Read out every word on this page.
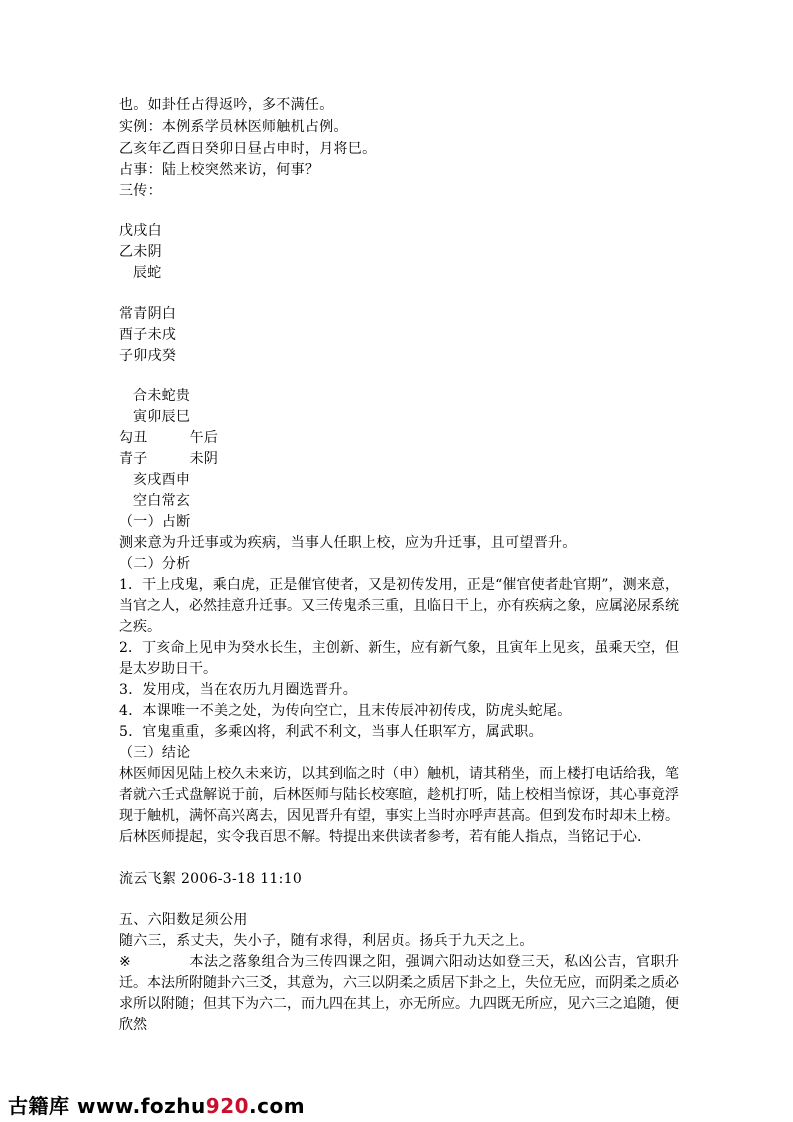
也。如卦任占得返吟，多不满任。
实例：本例系学员林医师触机占例。
乙亥年乙酉日癸卯日昼占申时，月将巳。
占事：陆上校突然来访，何事？
三传：
戊戌白
乙未阴
辰蛇
常青阴白
酉子未戌
子卯戌癸
合未蛇贵
寅卯辰巳
勾丑	午后
青子	未阴
亥戌酉申
空白常玄
（一）占断
测来意为升迁事或为疾病，当事人任职上校，应为升迁事，且可望晋升。
（二）分析
1．干上戌鬼，乘白虎，正是催官使者，又是初传发用，正是“催官使者赴官期”，测来意，当官之人，必然挂意升迁事。又三传鬼杀三重，且临日干上，亦有疾病之象，应属泌尿系统之疾。
2．丁亥命上见申为癸水长生，主创新、新生，应有新气象，且寅年上见亥，虽乘天空，但是太岁助日干。
3．发用戌，当在农历九月圈选晋升。
4．本课唯一不美之处，为传向空亡，且末传辰冲初传戌，防虎头蛇尾。
5．官鬼重重，多乘凶将，利武不利文，当事人任职军方，属武职。
（三）结论
林医师因见陆上校久未来访，以其到临之时（申）触机，请其稍坐，而上楼打电话给我，笔者就六壬式盘解说于前，后林医师与陆长校寒暄，趁机打听，陆上校相当惊讶，其心事竟浮现于触机，满怀高兴离去，因见晋升有望，事实上当时亦呼声甚高。但到发布时却未上榜。后林医师提起，实令我百思不解。特提出来供读者参考，若有能人指点，当铭记于心.
流云飞絮 2006-3-18 11:10
五、六阳数足须公用
随六三，系丈夫，失小子，随有求得，利居贞。扬兵于九天之上。
※	本法之落象组合为三传四课之阳，强调六阳动达如登三天，私凶公吉，官职升迁。本法所附随卦六三爻，其意为，六三以阴柔之质居下卦之上，失位无应，而阴柔之质必求所以附随；但其下为六二，而九四在其上，亦无所应。九四既无所应，见六三之追随，便欣然
古籍库 www.fozhu920.com
